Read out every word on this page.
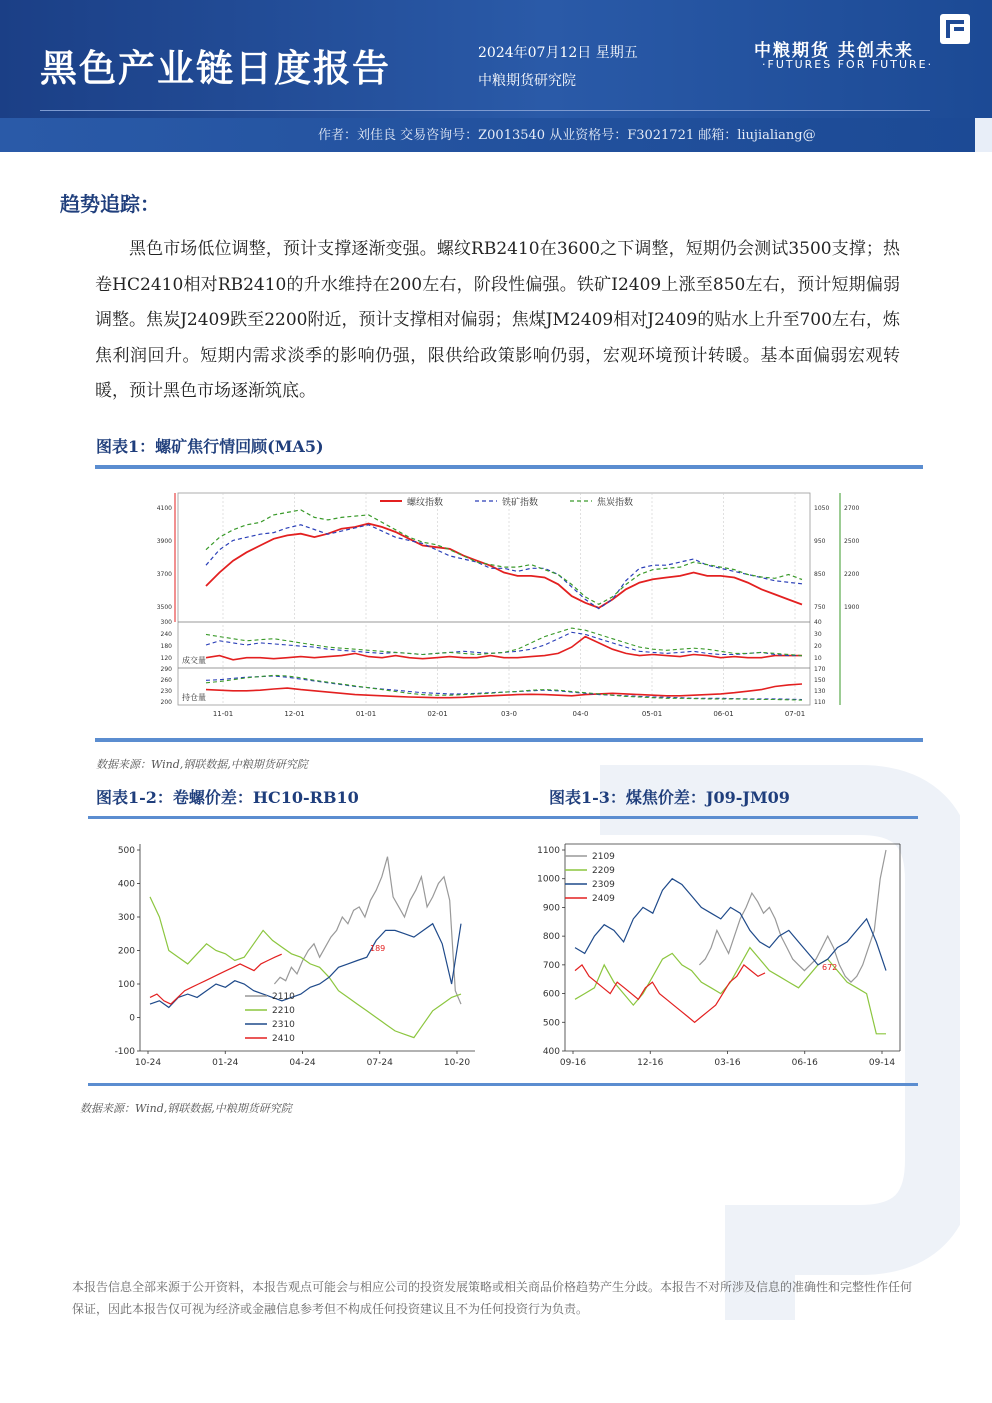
黑色产业链日度报告	2024年07月12日 星期五
中粮期货研究院
中粮期货 共创未来
·FUTURES FOR FUTURE·
作者：刘佳良 交易咨询号：Z0013540 从业资格号：F3021721 邮箱：liujialiang@
趋势追踪：
黑色市场低位调整，预计支撑逐渐变强。螺纹RB2410在3600之下调整，短期仍会测试3500支撑；热卷HC2410相对RB2410的升水维持在200左右，阶段性偏强。铁矿I2409上涨至850左右，预计短期偏弱调整。焦炭J2409跌至2200附近，预计支撑相对偏弱；焦煤JM2409相对J2409的贴水上升至700左右，炼焦利润回升。短期内需求淡季的影响仍强，限供给政策影响仍弱，宏观环境预计转暖。基本面偏弱宏观转暖，预计黑色市场逐渐筑底。
图表1：螺矿焦行情回顾(MA5)
11-01	12-01	01-01	02-01	03-0	04-0	05-01	06-01	07-01
螺纹指数	铁矿指数	焦炭指数
3500
3700
3900
4100
750
850
950
1050
1900
2200
2500
2700
成交量
120
180
240
300
10
20
30
40
持仓量
200
230
260
290
110
130
150
170
数据来源：Wind,钢联数据,中粮期货研究院
图表1-2：卷螺价差：HC10-RB10	图表1-3：煤焦价差：J09-JM09
-100
0
100
200
300
400
500
10-24	01-24	04-24	07-24	10-20
2110
2210
2310
2410
189
400
500
600
700
800
900
1000
1100
09-16	12-16	03-16	06-16	09-14
2109
2209
2309
2409
672
数据来源：Wind,钢联数据,中粮期货研究院
本报告信息全部来源于公开资料，本报告观点可能会与相应公司的投资发展策略或相关商品价格趋势产生分歧。本报告不对所涉及信息的准确性和完整性作任何保证，因此本报告仅可视为经济或金融信息参考但不构成任何投资建议且不为任何投资行为负责。
